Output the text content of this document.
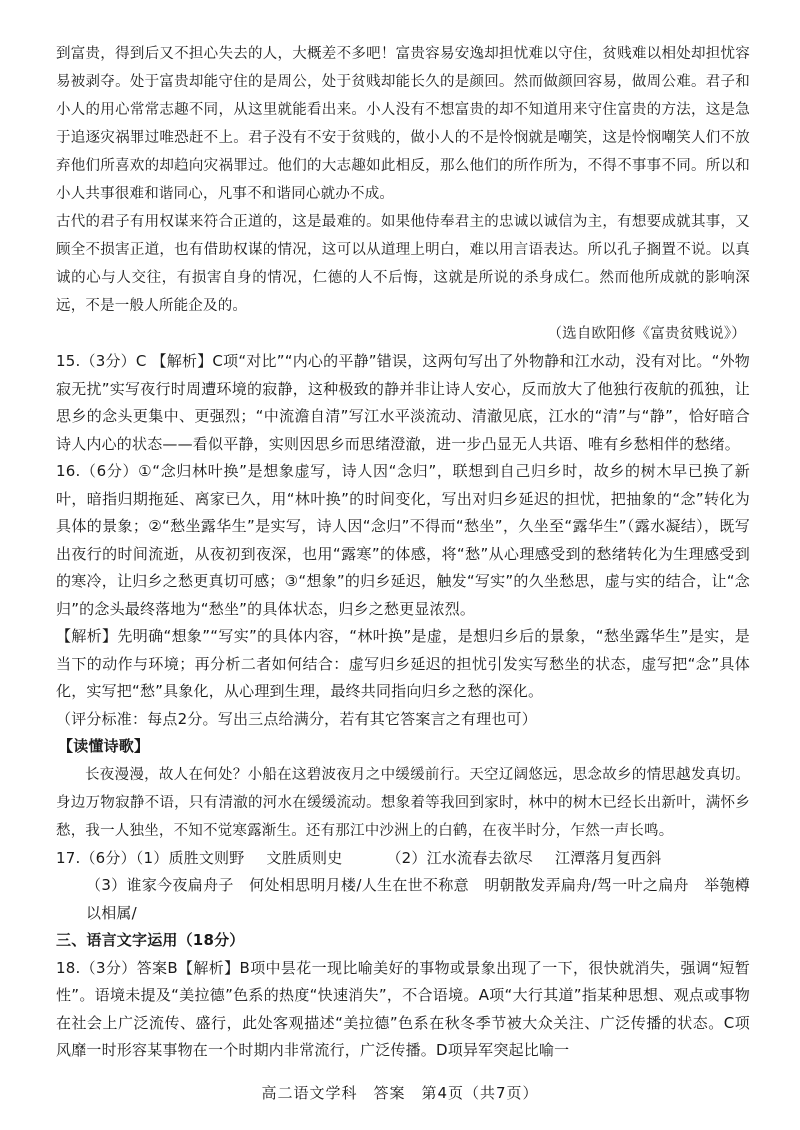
到富贵，得到后又不担心失去的人，大概差不多吧！富贵容易安逸却担忧难以守住，贫贱难以相处却担忧容易被剥夺。处于富贵却能守住的是周公，处于贫贱却能长久的是颜回。然而做颜回容易，做周公难。君子和小人的用心常常志趣不同，从这里就能看出来。小人没有不想富贵的却不知道用来守住富贵的方法，这是急于追逐灾祸罪过唯恐赶不上。君子没有不安于贫贱的，做小人的不是怜悯就是嘲笑，这是怜悯嘲笑人们不放弃他们所喜欢的却趋向灾祸罪过。他们的大志趣如此相反，那么他们的所作所为，不得不事事不同。所以和小人共事很难和谐同心，凡事不和谐同心就办不成。

古代的君子有用权谋来符合正道的，这是最难的。如果他侍奉君主的忠诚以诚信为主，有想要成就其事，又顾全不损害正道，也有借助权谋的情况，这可以从道理上明白，难以用言语表达。所以孔子搁置不说。以真诚的心与人交往，有损害自身的情况，仁德的人不后悔，这就是所说的杀身成仁。然而他所成就的影响深远，不是一般人所能企及的。

（选自欧阳修《富贵贫贱说》）

15.（3分）C 【解析】C项“对比”“内心的平静”错误，这两句写出了外物静和江水动，没有对比。“外物寂无扰”实写夜行时周遭环境的寂静，这种极致的静并非让诗人安心，反而放大了他独行夜航的孤独，让思乡的念头更集中、更强烈；“中流澹自清”写江水平淡流动、清澈见底，江水的“清”与“静”，恰好暗合诗人内心的状态——看似平静，实则因思乡而思绪澄澈，进一步凸显无人共语、唯有乡愁相伴的愁绪。

16.（6分）①“念归林叶换”是想象虚写，诗人因“念归”，联想到自己归乡时，故乡的树木早已换了新叶，暗指归期拖延、离家已久，用“林叶换”的时间变化，写出对归乡延迟的担忧，把抽象的“念”转化为具体的景象；②“愁坐露华生”是实写，诗人因“念归”不得而“愁坐”，久坐至“露华生”（露水凝结），既写出夜行的时间流逝，从夜初到夜深，也用“露寒”的体感，将“愁”从心理感受到的愁绪转化为生理感受到的寒冷，让归乡之愁更真切可感；③“想象”的归乡延迟，触发“写实”的久坐愁思，虚与实的结合，让“念归”的念头最终落地为“愁坐”的具体状态，归乡之愁更显浓烈。

【解析】先明确“想象”“写实”的具体内容，“林叶换”是虚，是想归乡后的景象，“愁坐露华生”是实，是当下的动作与环境；再分析二者如何结合：虚写归乡延迟的担忧引发实写愁坐的状态，虚写把“念”具体化，实写把“愁”具象化，从心理到生理，最终共同指向归乡之愁的深化。

（评分标准：每点2分。写出三点给满分，若有其它答案言之有理也可）

【读懂诗歌】

长夜漫漫，故人在何处？小船在这碧波夜月之中缓缓前行。天空辽阔悠远，思念故乡的情思越发真切。身边万物寂静不语，只有清澈的河水在缓缓流动。想象着等我回到家时，林中的树木已经长出新叶，满怀乡愁，我一人独坐，不知不觉寒露渐生。还有那江中沙洲上的白鹤，在夜半时分，乍然一声长鸣。

17.（6分）（1）质胜文则野 文胜质则史	（2）江水流春去欲尽 江潭落月复西斜

（3）谁家今夜扁舟子　何处相思明月楼/人生在世不称意　明朝散发弄扁舟/驾一叶之扁舟　举匏樽以相属/

三、语言文字运用（18分）

18.（3分）答案B【解析】B项中昙花一现比喻美好的事物或景象出现了一下，很快就消失，强调“短暂性”。语境未提及“美拉德”色系的热度“快速消失”，不合语境。A项“大行其道”指某种思想、观点或事物在社会上广泛流传、盛行，此处客观描述“美拉德”色系在秋冬季节被大众关注、广泛传播的状态。C项风靡一时形容某事物在一个时期内非常流行，广泛传播。D项异军突起比喻一

高二语文学科　答案　第4页（共7页）
